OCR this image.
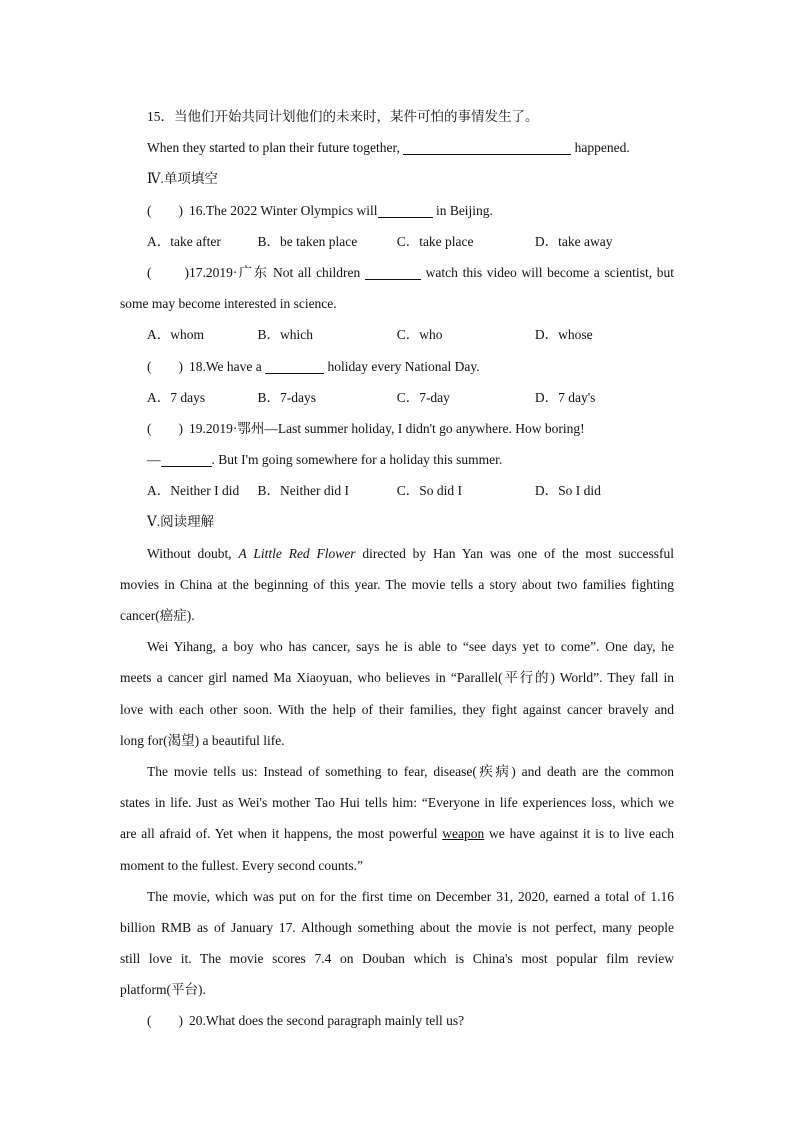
15．当他们开始共同计划他们的未来时，某件可怕的事情发生了。
When they started to plan their future together,	happened.
Ⅳ.单项填空
(        ) 16.The 2022 Winter Olympics will	in Beijing.
A．take after	B．be taken place	C．take place	D．take away
(        )17.2019·广东 Not all children	watch this video will become a scientist, but
some may become interested in science.
A．whom	B．which	C．who	D．whose
(        ) 18.We have a	holiday every National Day.
A．7 days	B．7-days	C．7-day	D．7 day's
(        ) 19.2019·鄂州—Last summer holiday, I didn't go anywhere. How boring!
—	. But I'm going somewhere for a holiday this summer.
A．Neither I did	B．Neither did I	C．So did I	D．So I did
Ⅴ.阅读理解
Without doubt, A Little Red Flower directed by Han Yan was one of the most successful
movies in China at the beginning of this year. The movie tells a story about two families fighting
cancer(癌症).
Wei Yihang, a boy who has cancer, says he is able to “see days yet to come”. One day, he
meets a cancer girl named Ma Xiaoyuan, who believes in “Parallel(平行的) World”. They fall in
love with each other soon. With the help of their families, they fight against cancer bravely and
long for(渴望) a beautiful life.
The movie tells us: Instead of something to fear, disease(疾病) and death are the common
states in life. Just as Wei's mother Tao Hui tells him: “Everyone in life experiences loss, which we
are all afraid of. Yet when it happens, the most powerful weapon we have against it is to live each
moment to the fullest. Every second counts.”
The movie, which was put on for the first time on December 31, 2020, earned a total of 1.16
billion RMB as of January 17. Although something about the movie is not perfect, many people
still love it. The movie scores 7.4 on Douban which is China's most popular film review
platform(平台).
(        ) 20.What does the second paragraph mainly tell us?
